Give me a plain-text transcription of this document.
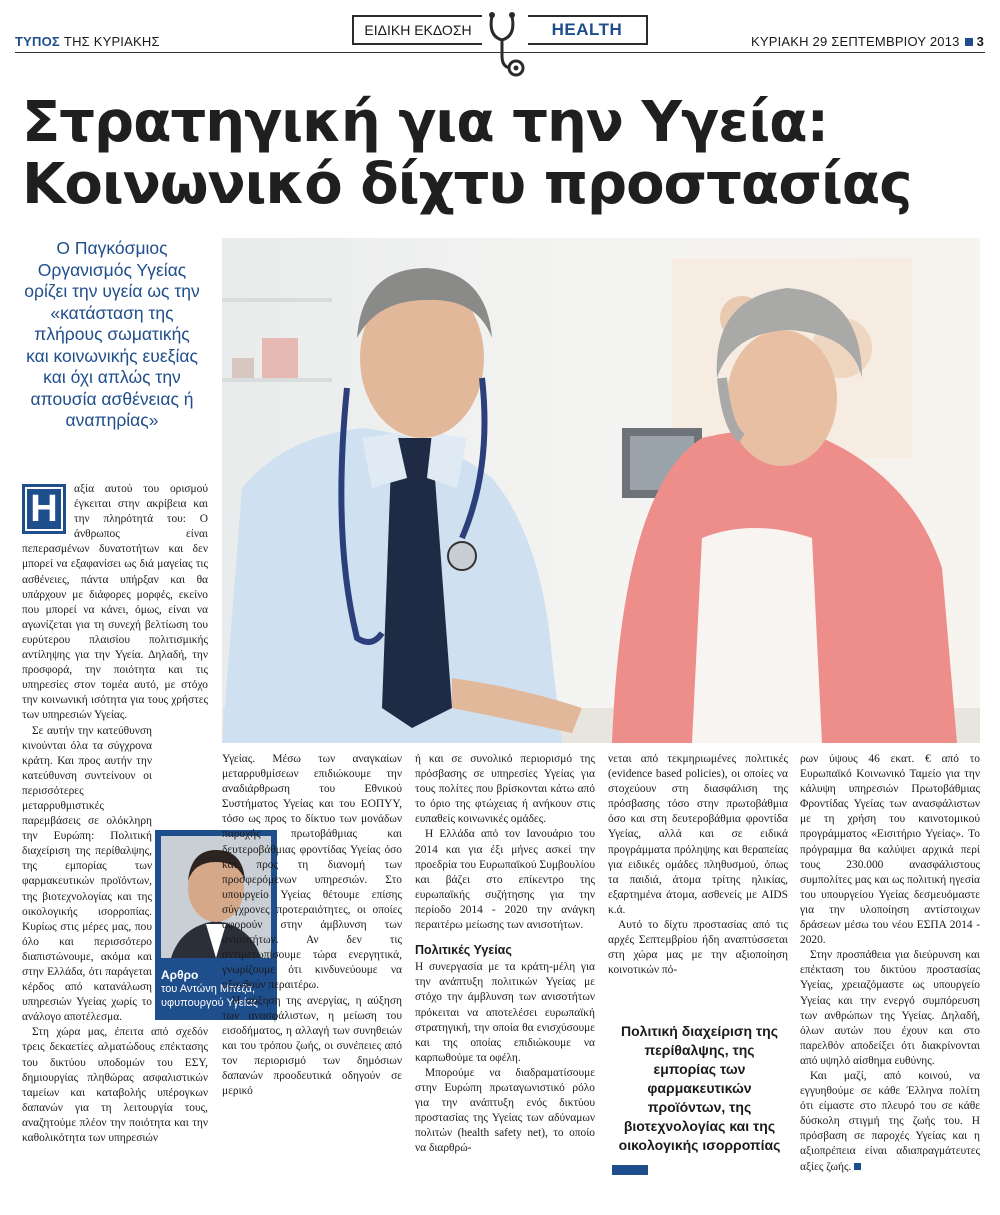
ΤΥΠΟΣ ΤΗΣ ΚΥΡΙΑΚΗΣ
ΕΙΔΙΚΗ ΕΚΔΟΣΗ	HEALTH
ΚΥΡΙΑΚΗ 29 ΣΕΠΤΕΜΒΡΙΟΥ 2013 3
Στρατηγική για την Υγεία:
Κοινωνικό δίχτυ προστασίας
Ο Παγκόσμιος Οργανισμός Υγείας ορίζει την υγεία ως την «κατάσταση της πλήρους σωματικής και κοινωνικής ευεξίας και όχι απλώς την απουσία ασθένειας ή αναπηρίας»
Η	αξία αυτού του ορισμού έγκειται στην ακρίβεια και την πληρότητά του: Ο άνθρωπος είναι πεπερασμένων δυνατοτήτων και δεν μπορεί να εξαφανίσει ως διά μαγείας τις ασθένειες, πάντα υπήρξαν και θα υπάρχουν με διάφορες μορφές, εκείνο που μπορεί να κάνει, όμως, είναι να αγωνίζεται για τη συνεχή βελτίωση του ευρύτερου πλαισίου πολιτισμικής αντίληψης για την Υγεία. Δηλαδή, την προσφορά, την ποιότητα και τις υπηρεσίες στον τομέα αυτό, με στόχο την κοινωνική ισότητα για τους χρήστες των υπηρεσιών Υγείας.

Σε αυτήν την κατεύθυνση κινούνται όλα τα σύγχρονα κράτη. Και προς αυτήν την κατεύθυνση συντείνουν οι περισσότερες μεταρρυθμιστικές παρεμβάσεις σε ολόκληρη την Ευρώπη: Πολιτική διαχείριση της περίθαλψης, της εμπορίας των φαρμακευτικών προϊόντων, της βιοτεχνολογίας και της οικολογικής ισορροπίας. Κυρίως στις μέρες μας, που όλο και περισσότερο διαπιστώνουμε, ακόμα και στην Ελλάδα, ότι παράγεται κέρδος από κατανάλωση υπηρεσιών Υγείας χωρίς το ανάλογο αποτέλεσμα.

Στη χώρα μας, έπειτα από σχεδόν τρεις δεκαετίες αλματώδους επέκτασης του δικτύου υποδομών του ΕΣΥ, δημιουργίας πληθώρας ασφαλιστικών ταμείων και καταβολής υπέρογκων δαπανών για τη λειτουργία τους, αναζητούμε πλέον την ποιότητα και την καθολικότητα των υπηρεσιών

Αρθρο
του Αντώνη Μπέζα, υφυπουργού Υγείας

Υγείας. Μέσω των αναγκαίων μεταρρυθμίσεων επιδιώκουμε την αναδιάρθρωση του Εθνικού Συστήματος Υγείας και του ΕΟΠΥΥ, τόσο ως προς το δίκτυο των μονάδων παροχής πρωτοβάθμιας και δευτεροβάθμιας φροντίδας Υγείας όσο και προς τη διανομή των προσφερόμενων υπηρεσιών. Στο υπουργείο Υγείας θέτουμε επίσης σύγχρονες προτεραιότητες, οι οποίες αφορούν στην άμβλυνση των ανισοτήτων. Αν δεν τις αντιμετωπίσουμε τώρα ενεργητικά, γνωρίζουμε ότι κινδυνεύουμε να οξυνθούν περαιτέρω.

Η αύξηση της ανεργίας, η αύξηση των ανασφάλιστων, η μείωση του εισοδήματος, η αλλαγή των συνηθειών και του τρόπου ζωής, οι συνέπειες από τον περιορισμό των δημόσιων δαπανών προοδευτικά οδηγούν σε μερικό

ή και σε συνολικό περιορισμό της πρόσβασης σε υπηρεσίες Υγείας για τους πολίτες που βρίσκονται κάτω από το όριο της φτώχειας ή ανήκουν στις ευπαθείς κοινωνικές ομάδες.

Η Ελλάδα από τον Ιανουάριο του 2014 και για έξι μήνες ασκεί την προεδρία του Ευρωπαϊκού Συμβουλίου και βάζει στο επίκεντρο της ευρωπαϊκής συζήτησης για την περίοδο 2014 - 2020 την ανάγκη περαιτέρω μείωσης των ανισοτήτων.

Πολιτικές Υγείας

Η συνεργασία με τα κράτη-μέλη για την ανάπτυξη πολιτικών Υγείας με στόχο την άμβλυνση των ανισοτήτων πρόκειται να αποτελέσει ευρωπαϊκή στρατηγική, την οποία θα ενισχύσουμε και της οποίας επιδιώκουμε να καρπωθούμε τα οφέλη.

Μπορούμε να διαδραματίσουμε στην Ευρώπη πρωταγωνιστικό ρόλο για την ανάπτυξη ενός δικτύου προστασίας της Υγείας των αδύναμων πολιτών (health safety net), το οποίο να διαρθρώ-

νεται από τεκμηριωμένες πολιτικές (evidence based policies), οι οποίες να στοχεύουν στη διασφάλιση της πρόσβασης τόσο στην πρωτοβάθμια όσο και στη δευτεροβάθμια φροντίδα Υγείας, αλλά και σε ειδικά προγράμματα πρόληψης και θεραπείας για ειδικές ομάδες πληθυσμού, όπως τα παιδιά, άτομα τρίτης ηλικίας, εξαρτημένα άτομα, ασθενείς με AIDS κ.ά.

Αυτό το δίχτυ προστασίας από τις αρχές Σεπτεμβρίου ήδη αναπτύσσεται στη χώρα μας με την αξιοποίηση κοινοτικών πό-

Πολιτική διαχείριση της περίθαλψης, της εμπορίας των φαρμακευτικών προϊόντων, της βιοτεχνολογίας και της οικολογικής ισορροπίας

ρων ύψους 46 εκατ. € από το Ευρωπαϊκό Κοινωνικό Ταμείο για την κάλυψη υπηρεσιών Πρωτοβάθμιας Φροντίδας Υγείας των ανασφάλιστων με τη χρήση του καινοτομικού προγράμματος «Εισιτήριο Υγείας». Το πρόγραμμα θα καλύψει αρχικά περί τους 230.000 ανασφάλιστους συμπολίτες μας και ως πολιτική ηγεσία του υπουργείου Υγείας δεσμευόμαστε για την υλοποίηση αντίστοιχων δράσεων μέσω του νέου ΕΣΠΑ 2014 - 2020.

Στην προσπάθεια για διεύρυνση και επέκταση του δικτύου προστασίας Υγείας, χρειαζόμαστε ως υπουργείο Υγείας και την ενεργό συμπόρευση των ανθρώπων της Υγείας. Δηλαδή, όλων αυτών που έχουν και στο παρελθόν αποδείξει ότι διακρίνονται από υψηλό αίσθημα ευθύνης.

Και μαζί, από κοινού, να εγγυηθούμε σε κάθε Έλληνα πολίτη ότι είμαστε στο πλευρό του σε κάθε δύσκολη στιγμή της ζωής του. Η πρόσβαση σε παροχές Υγείας και η αξιοπρέπεια είναι αδιαπραγμάτευτες αξίες ζωής.
